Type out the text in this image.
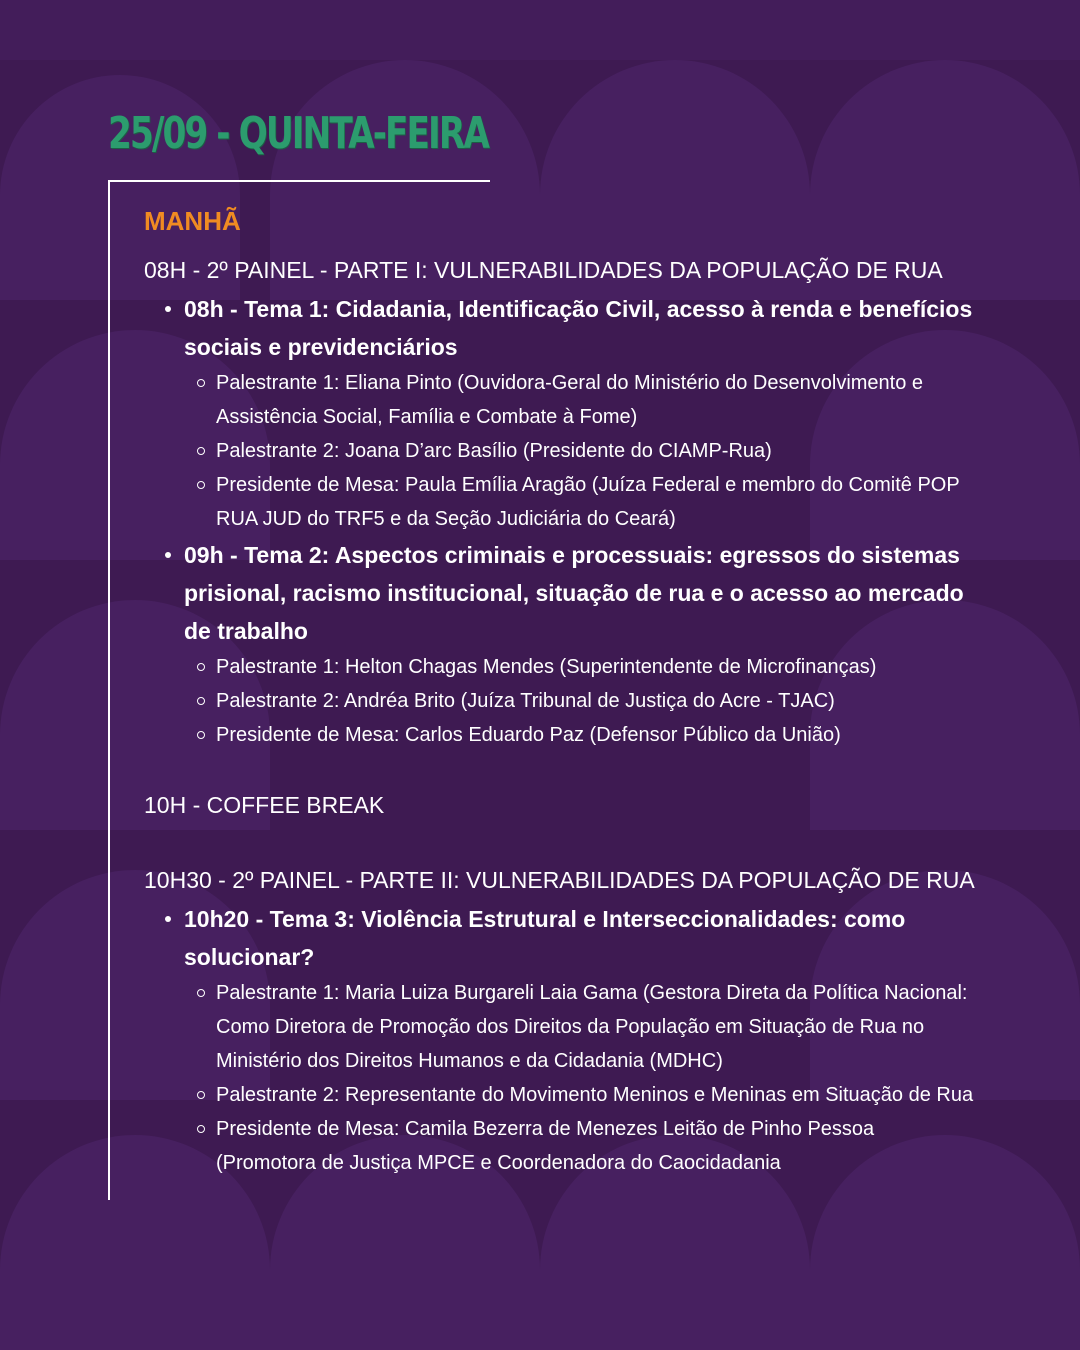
25/09 - QUINTA-FEIRA
MANHÃ

08H - 2º PAINEL - PARTE I: VULNERABILIDADES DA POPULAÇÃO DE RUA

08h - Tema 1: Cidadania, Identificação Civil, acesso à renda e benefícios sociais e previdenciários
Palestrante 1: Eliana Pinto (Ouvidora-Geral do Ministério do Desenvolvimento e Assistência Social, Família e Combate à Fome)
Palestrante 2: Joana D’arc Basílio (Presidente do CIAMP-Rua)
Presidente de Mesa: Paula Emília Aragão (Juíza Federal e membro do Comitê POP RUA JUD do TRF5 e da Seção Judiciária do Ceará)
09h - Tema 2: Aspectos criminais e processuais: egressos do sistemas prisional, racismo institucional, situação de rua e o acesso ao mercado de trabalho
Palestrante 1: Helton Chagas Mendes (Superintendente de Microfinanças)
Palestrante 2: Andréa Brito (Juíza Tribunal de Justiça do Acre - TJAC)
Presidente de Mesa: Carlos Eduardo Paz (Defensor Público da União)

10H - COFFEE BREAK

10H30 - 2º PAINEL - PARTE II: VULNERABILIDADES DA POPULAÇÃO DE RUA

10h20 - Tema 3: Violência Estrutural e Interseccionalidades: como solucionar?
Palestrante 1: Maria Luiza Burgareli Laia Gama (Gestora Direta da Política Nacional: Como Diretora de Promoção dos Direitos da População em Situação de Rua no Ministério dos Direitos Humanos e da Cidadania (MDHC)
Palestrante 2: Representante do Movimento Meninos e Meninas em Situação de Rua
Presidente de Mesa: Camila Bezerra de Menezes Leitão de Pinho Pessoa (Promotora de Justiça MPCE e Coordenadora do Caocidadania
